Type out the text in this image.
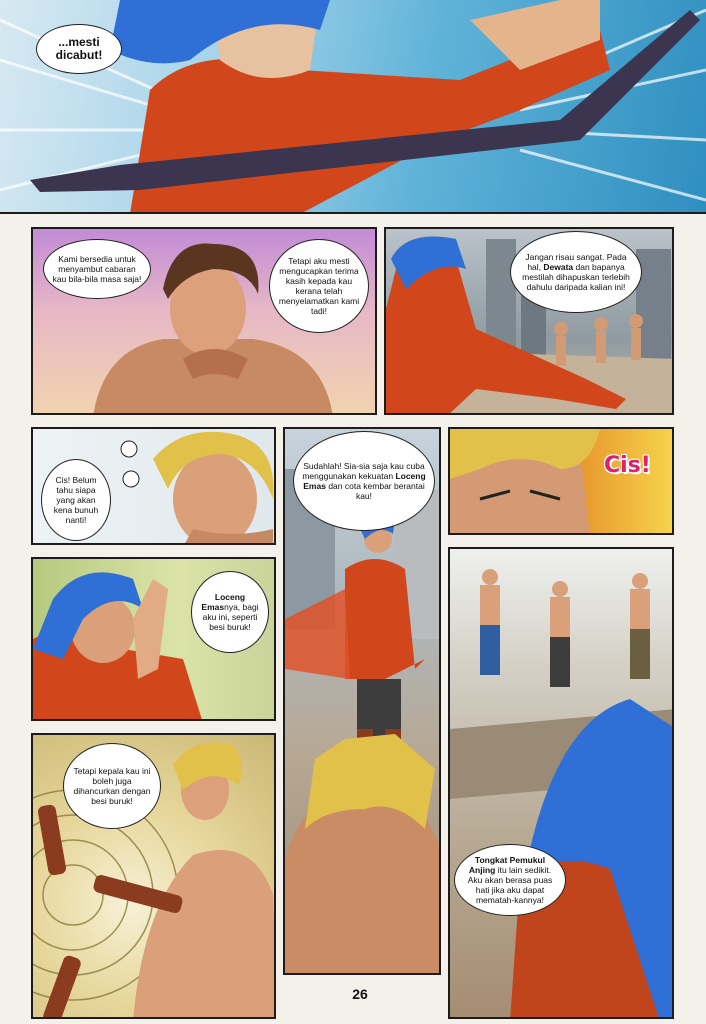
...mesti dicabut!
Kami bersedia untuk menyambut cabaran kau bila-bila masa saja!
Tetapi aku mesti mengucapkan terima kasih kepada kau kerana telah menyelamatkan kami tadi!
Jangan risau sangat. Pada hal, Dewata dan bapanya mestilah dihapuskan terlebih dahulu daripada kalian ini!
Cis! Belum tahu siapa yang akan kena bunuh nanti!
Sudahlah! Sia-sia saja kau cuba menggunakan kekuatan Loceng Emas dan cota kembar berantai kau!
Cis!
Loceng Emasnya, bagi aku ini, seperti besi buruk!
Tetapi kepala kau ini boleh juga dihancurkan dengan besi buruk!
Tongkat Pemukul Anjing itu lain sedikit. Aku akan berasa puas hati jika aku dapat mematah-kannya!
26
